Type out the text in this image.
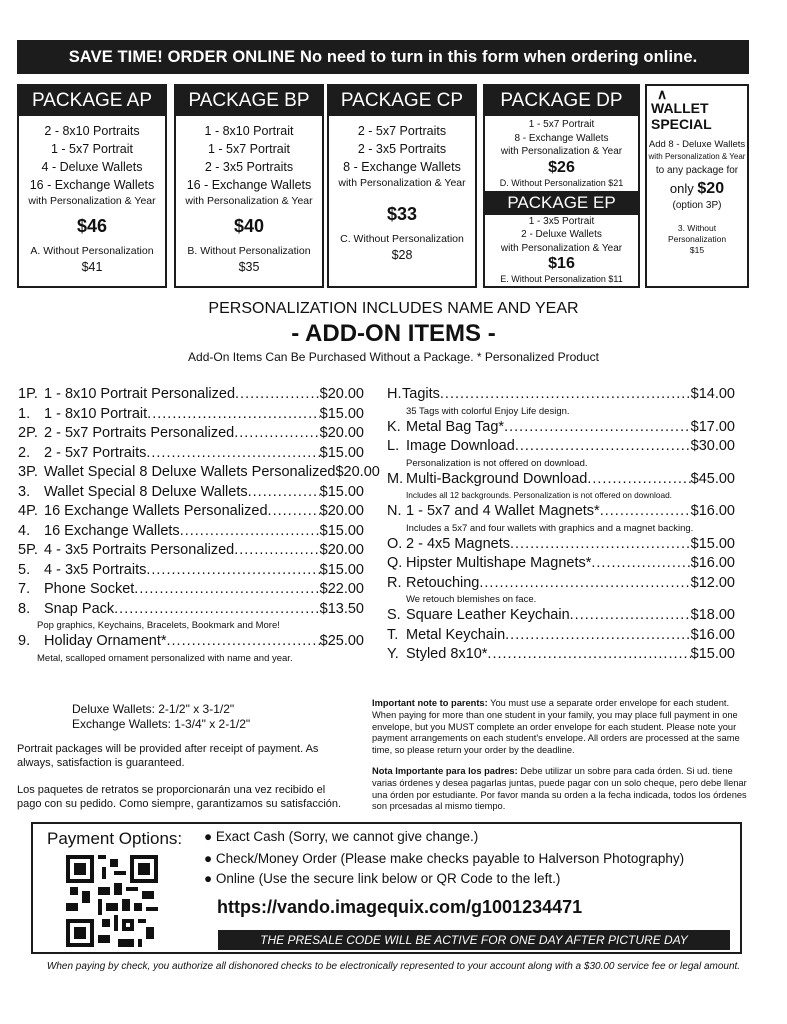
SAVE TIME! ORDER ONLINE No need to turn in this form when ordering online.
PACKAGE AP
2 - 8x10 Portraits
1 - 5x7 Portrait
4 - Deluxe Wallets
16 - Exchange Wallets
with Personalization & Year
$46
A. Without Personalization
$41
PACKAGE BP
1 - 8x10 Portrait
1 - 5x7 Portrait
2 - 3x5 Portraits
16 - Exchange Wallets
with Personalization & Year
$40
B. Without Personalization
$35
PACKAGE CP
2 - 5x7 Portraits
2 - 3x5 Portraits
8 - Exchange Wallets
with Personalization & Year
$33
C. Without Personalization
$28
PACKAGE DP
1 - 5x7 Portrait
8 - Exchange Wallets
with Personalization & Year
$26
D. Without Personalization $21
PACKAGE EP
1 - 3x5 Portrait
2 - Deluxe Wallets
with Personalization & Year
$16
E. Without Personalization $11
∧
WALLET
SPECIAL
Add 8 - Deluxe Wallets
with Personalization & Year
to any package for
only $20
(option 3P)
3. Without
Personalization
$15
PERSONALIZATION INCLUDES NAME AND YEAR
- ADD-ON ITEMS -
Add-On Items Can Be Purchased Without a Package. * Personalized Product
1P. 1 - 8x10 Portrait Personalized .....	$20.00
1. 1 - 8x10 Portrait .....	$15.00
2P. 2 - 5x7 Portraits Personalized .....	$20.00
2. 2 - 5x7 Portraits .....	$15.00
3P. Wallet Special 8 Deluxe Wallets Personalized $20.00
3. Wallet Special 8 Deluxe Wallets .....	$15.00
4P. 16 Exchange Wallets Personalized .....	$20.00
4. 16 Exchange Wallets .....	$15.00
5P. 4 - 3x5 Portraits Personalized .....	$20.00
5. 4 - 3x5 Portraits .....	$15.00
7. Phone Socket .....	$22.00
8. Snap Pack .....	$13.50
Pop graphics, Keychains, Bracelets, Bookmark and More!
9. Holiday Ornament* .....	$25.00
Metal, scalloped ornament personalized with name and year.
H. Tagits .....	$14.00
35 Tags with colorful Enjoy Life design.
K. Metal Bag Tag* .....	$17.00
L. Image Download .....	$30.00
Personalization is not offered on download.
M. Multi-Background Download .....	$45.00
Includes all 12 backgrounds. Personalization is not offered on download.
N. 1 - 5x7 and 4 Wallet Magnets* .....	$16.00
Includes a 5x7 and four wallets with graphics and a magnet backing.
O. 2 - 4x5 Magnets .....	$15.00
Q. Hipster Multishape Magnets* .....	$16.00
R. Retouching .....	$12.00
We retouch blemishes on face.
S. Square Leather Keychain .....	$18.00
T. Metal Keychain .....	$16.00
Y. Styled 8x10* .....	$15.00
Deluxe Wallets: 2-1/2" x 3-1/2"
Exchange Wallets: 1-3/4" x 2-1/2"
Portrait packages will be provided after receipt of payment. As always, satisfaction is guaranteed.
Los paquetes de retratos se proporcionarán una vez recibido el pago con su pedido. Como siempre, garantizamos su satisfacción.
Important note to parents: You must use a separate order envelope for each student. When paying for more than one student in your family, you may place full payment in one envelope, but you MUST complete an order envelope for each student. Please note your payment arrangements on each student's envelope. All orders are processed at the same time, so please return your order by the deadline.
Nota Importante para los padres: Debe utilizar un sobre para cada órden. Si ud. tiene varias órdenes y desea pagarlas juntas, puede pagar con un solo cheque, pero debe llenar una órden por estudiante. Por favor manda su orden a la fecha indicada, todos los órdenes son prcesadas al mismo tiempo.
Payment Options: ● Exact Cash (Sorry, we cannot give change.)
● Check/Money Order (Please make checks payable to Halverson Photography)
● Online (Use the secure link below or QR Code to the left.)
https://vando.imagequix.com/g1001234471
THE PRESALE CODE WILL BE ACTIVE FOR ONE DAY AFTER PICTURE DAY
When paying by check, you authorize all dishonored checks to be electronically represented to your account along with a $30.00 service fee or legal amount.
